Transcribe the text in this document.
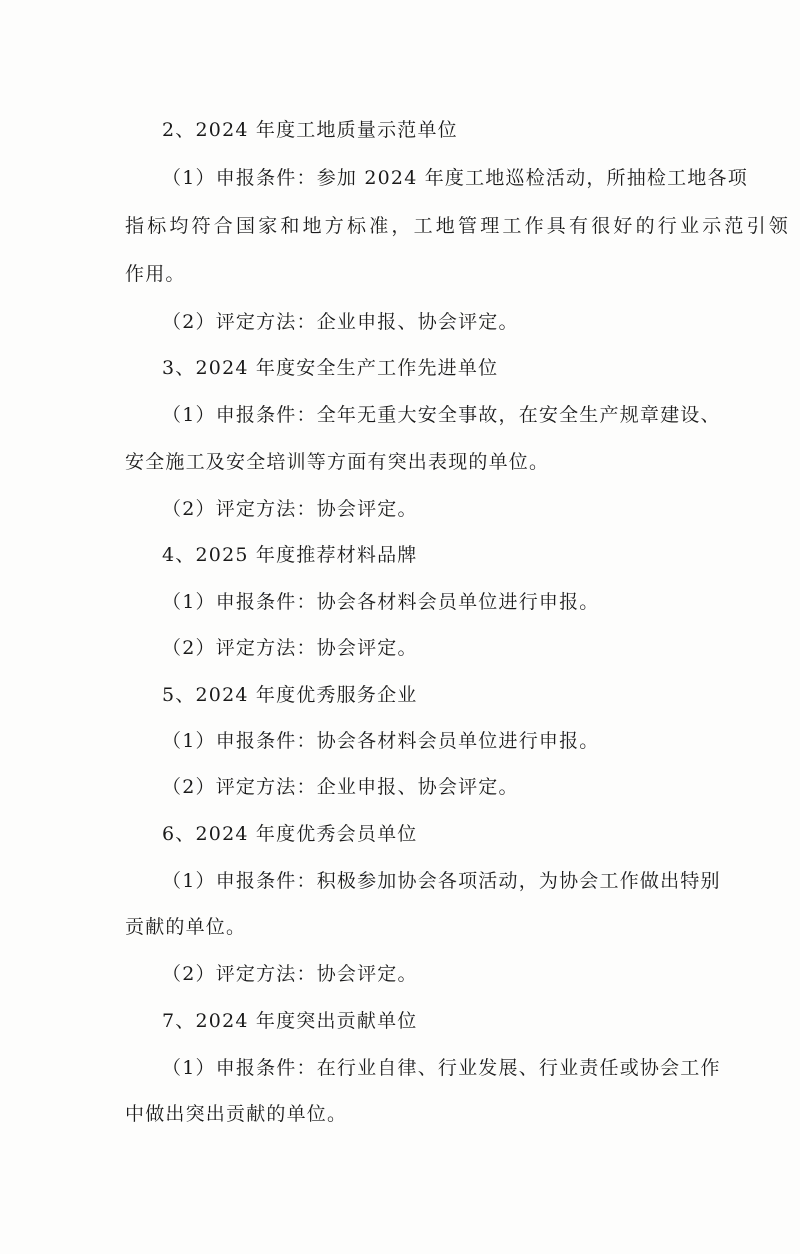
2、2024 年度工地质量示范单位
（1）申报条件：参加 2024 年度工地巡检活动，所抽检工地各项
指标均符合国家和地方标准，工地管理工作具有很好的行业示范引领
作用。
（2）评定方法：企业申报、协会评定。
3、2024 年度安全生产工作先进单位
（1）申报条件：全年无重大安全事故，在安全生产规章建设、
安全施工及安全培训等方面有突出表现的单位。
（2）评定方法：协会评定。
4、2025 年度推荐材料品牌
（1）申报条件：协会各材料会员单位进行申报。
（2）评定方法：协会评定。
5、2024 年度优秀服务企业
（1）申报条件：协会各材料会员单位进行申报。
（2）评定方法：企业申报、协会评定。
6、2024 年度优秀会员单位
（1）申报条件：积极参加协会各项活动，为协会工作做出特别
贡献的单位。
（2）评定方法：协会评定。
7、2024 年度突出贡献单位
（1）申报条件：在行业自律、行业发展、行业责任或协会工作
中做出突出贡献的单位。
